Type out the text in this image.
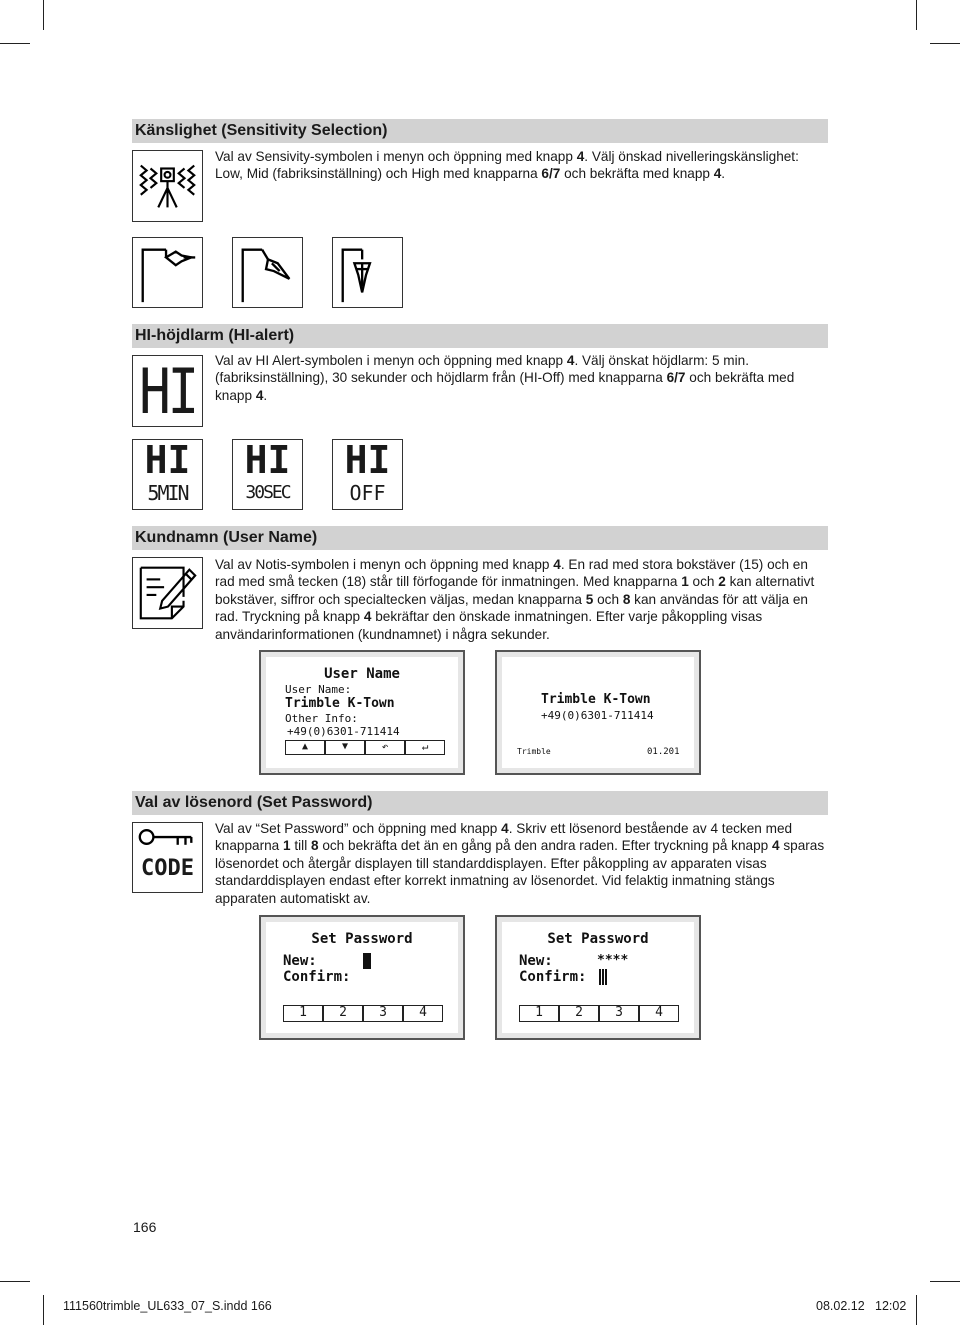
Känslighet (Sensitivity Selection)

Val av Sensivity-symbolen i menyn och öppning med knapp 4. Välj önskad nivelleringskänslighet: Low, Mid (fabriksinställning) och High med knapparna 6/7 och bekräfta med knapp 4.

HI-höjdlarm (HI-alert)
HI Val av HI Alert-symbolen i menyn och öppning med knapp 4. Välj önskat höjdlarm: 5 min. (fabriksinställning), 30 sekunder och höjdlarm från (HI-Off) med knapparna 6/7 och bekräfta med knapp 4.

HI
5MIN
HI
30SEC
HI
OFF
Kundnamn (User Name)

Val av Notis-symbolen i menyn och öppning med knapp 4. En rad med stora bokstäver (15) och en rad med små tecken (18) står till förfogande för inmatningen. Med knapparna 1 och 2 kan alternativt bokstäver, siffror och specialtecken väljas, medan knapparna 5 och 8 kan användas för att välja en rad. Tryckning på knapp 4 bekräftar den önskade inmatningen. Efter varje påkoppling visas användarinformationen (kundnamnet) i några sekunder.

User Name
User Name:
Trimble K-Town
Other Info:
+49(0)6301-711414
▲	▼	↶	↵
Trimble K-Town
+49(0)6301-711414
Trimble	01.201
Val av lösenord (Set Password)
CODE

Val av “Set Password” och öppning med knapp 4. Skriv ett lösenord bestående av 4 tecken med knapparna 1 till 8 och bekräfta det än en gång på den andra raden. Efter tryckning på knapp 4 sparas lösenordet och återgår displayen till standarddisplayen. Efter påkoppling av apparaten visas standarddisplayen endast efter korrekt inmatning av lösenordet. Vid felaktig inmatning stängs apparaten automatiskt av.

Set Password
New:
Confirm:
1	2	3	4
Set Password
New:	****
Confirm:
1	2	3	4
166
111560trimble_UL633_07_S.indd 166	08.02.12 12:02
